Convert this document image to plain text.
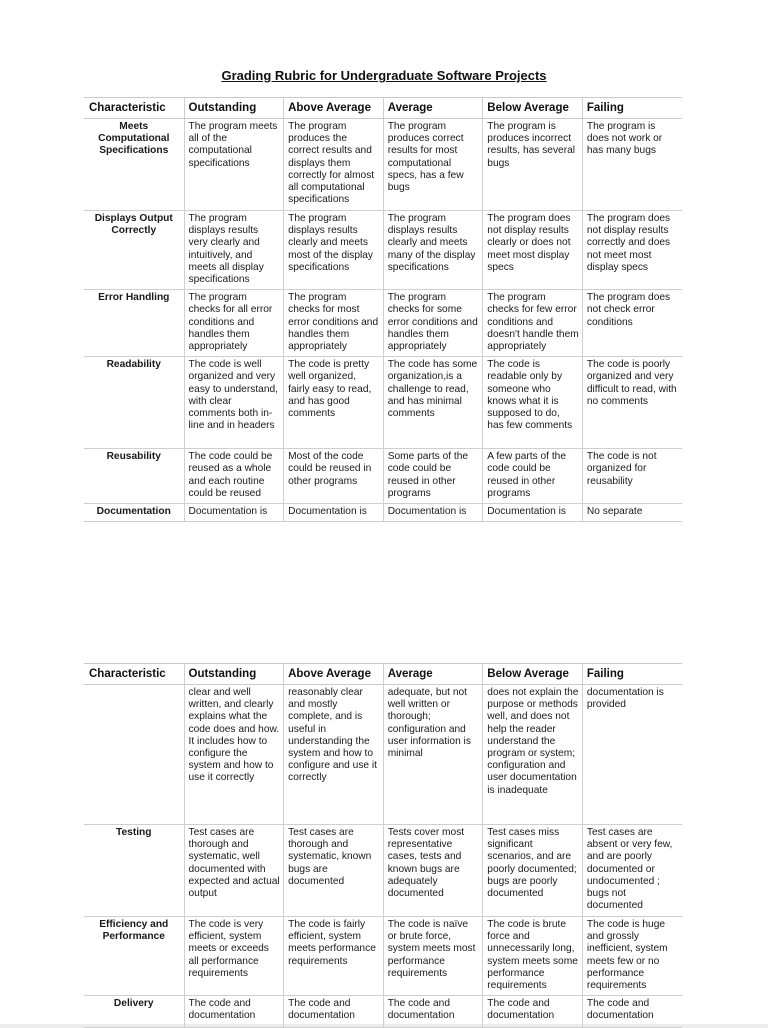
Grading Rubric for Undergraduate Software Projects
Characteristic	Outstanding	Above Average	Average	Below Average	Failing
Meets Computational Specifications	The program meets all of the computational specifications	The program produces the correct results and displays them correctly for almost all computational specifications	The program produces correct results for most computational specs, has a few bugs	The program is produces incorrect results, has several bugs	The program is does not work or has many bugs
Displays Output Correctly	The program displays results very clearly and intuitively, and meets all display specifications	The program displays results clearly and meets most of the display specifications	The program displays results clearly and meets many of the display specifications	The program does not display results clearly or does not meet most display specs	The program does not display results correctly and does not meet most display specs
Error Handling	The program checks for all error conditions and handles them appropriately	The program checks for most error conditions and handles them appropriately	The program checks for some error conditions and handles them appropriately	The program checks for few error conditions and doesn't handle them appropriately	The program does not check error conditions
Readability	The code is well organized and very easy to understand, with clear comments both in-line and in headers	The code is pretty well organized, fairly easy to read, and has good comments	The code has some organization,is a challenge to read, and has minimal comments	The code is readable only by someone who knows what it is supposed to do, has few comments	The code is poorly organized and very difficult to read, with no comments
Reusability	The code could be reused as a whole and each routine could be reused	Most of the code could be reused in other programs	Some parts of the code could be reused in other programs	A few parts of the code could be reused in other programs	The code is not organized for reusability
Documentation	Documentation is	Documentation is	Documentation is	Documentation is	No separate
Characteristic	Outstanding	Above Average	Average	Below Average	Failing
	clear and well written, and clearly explains what the code does and how. It includes how to configure the system and how to use it correctly	reasonably clear and mostly complete, and is useful in understanding the system and how to configure and use it correctly	adequate, but not well written or thorough; configuration and user information is minimal	does not explain the purpose or methods well, and does not help the reader understand the program or system; configuration and user documentation is inadequate	documentation is provided
Testing	Test cases are thorough and systematic, well documented with expected and actual output	Test cases are thorough and systematic, known bugs are documented	Tests cover most representative cases, tests and known bugs are adequately documented	Test cases miss significant scenarios, and are poorly documented; bugs are poorly documented	Test cases are absent or very few, and are poorly documented or undocumented ; bugs not documented
Efficiency and Performance	The code is very efficient, system meets or exceeds all performance requirements	The code is fairly efficient, system meets performance requirements	The code is naïve or brute force, system meets most performance requirements	The code is brute force and unnecessarily long, system meets some performance requirements	The code is huge and grossly inefficient, system meets few or no performance requirements
Delivery	The code and documentation	The code and documentation	The code and documentation	The code and documentation	The code and documentation
